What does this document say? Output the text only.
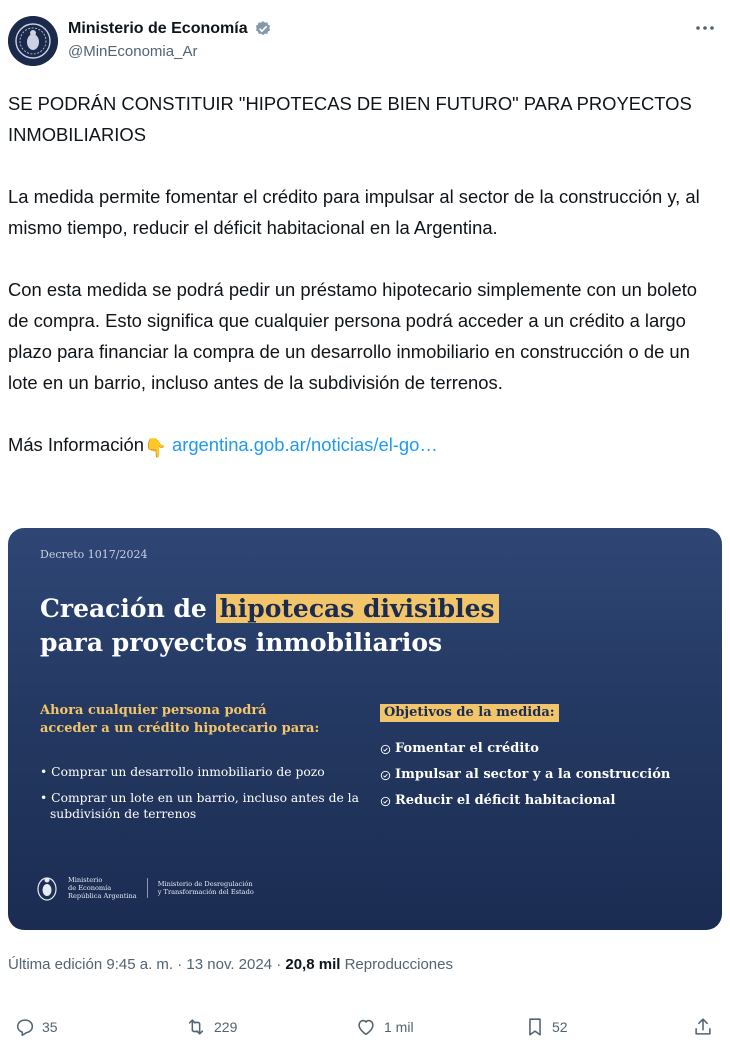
Ministerio de Economía
@MinEconomia_Ar

SE PODRÁN CONSTITUIR "HIPOTECAS DE BIEN FUTURO" PARA PROYECTOS INMOBILIARIOS

La medida permite fomentar el crédito para impulsar al sector de la construcción y, al mismo tiempo, reducir el déficit habitacional en la Argentina.

Con esta medida se podrá pedir un préstamo hipotecario simplemente con un boleto de compra. Esto significa que cualquier persona podrá acceder a un crédito a largo plazo para financiar la compra de un desarrollo inmobiliario en construcción o de un lote en un barrio, incluso antes de la subdivisión de terrenos.

Más Información👇 argentina.gob.ar/noticias/el-go…

Decreto 1017/2024
Creación de hipotecas divisibles
para proyectos inmobiliarios
Ahora cualquier persona podrá
acceder a un crédito hipotecario para:
• Comprar un desarrollo inmobiliario de pozo
• Comprar un lote en un barrio, incluso antes de la subdivisión de terrenos
Objetivos de la medida:
Fomentar el crédito
Impulsar al sector y a la construcción
Reducir el déficit habitacional
Ministerio
de Economía
República Argentina
Ministerio de Desregulación
y Transformación del Estado
Última edición 9:45 a. m. · 13 nov. 2024 · 20,8 mil Reproducciones
35	229	1 mil	52
